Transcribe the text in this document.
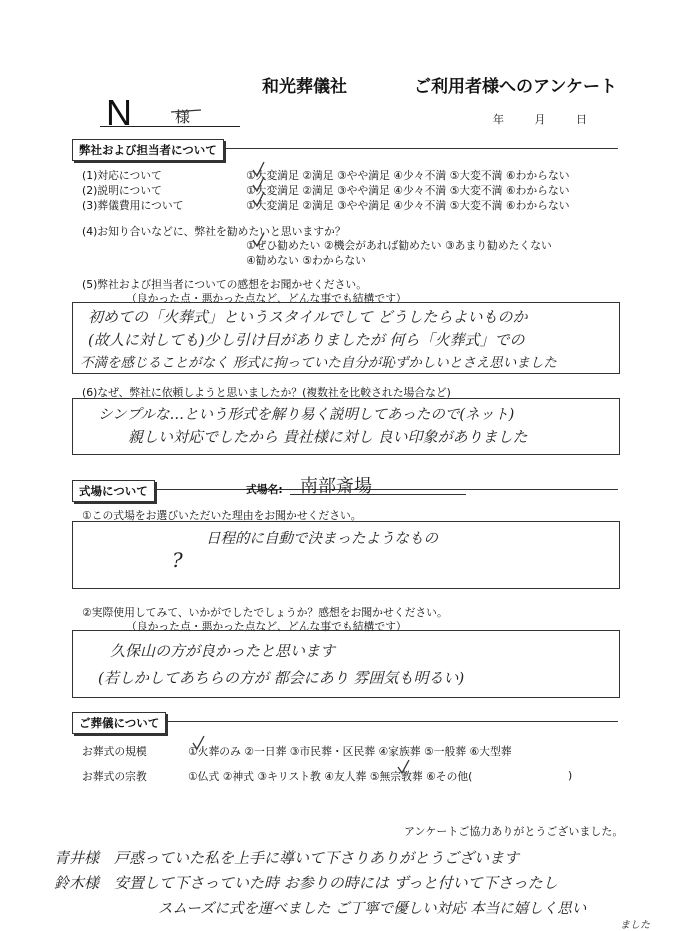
和光葬儀社	ご利用者様へのアンケート
N	様	年	月	日
弊社および担当者について
(1)対応について	①大変満足 ②満足 ③やや満足 ④少々不満 ⑤大変不満 ⑥わからない
(2)説明について	①大変満足 ②満足 ③やや満足 ④少々不満 ⑤大変不満 ⑥わからない
(3)葬儀費用について	①大変満足 ②満足 ③やや満足 ④少々不満 ⑤大変不満 ⑥わからない
(4)お知り合いなどに、弊社を勧めたいと思いますか？
①ぜひ勧めたい ②機会があれば勧めたい ③あまり勧めたくない
④勧めない ⑤わからない
(5)弊社および担当者についての感想をお聞かせください。
（良かった点・悪かった点など、どんな事でも結構です）
初めての「火葬式」というスタイルでして どうしたらよいものか
(故人に対しても)少し引け目がありましたが 何ら「火葬式」での
不満を感じることがなく 形式に拘っていた自分が恥ずかしいとさえ思いました
(6)なぜ、弊社に依頼しようと思いましたか？(複数社を比較された場合など)
シンプルな…という形式を解り易く説明してあったので(ネット)
親しい対応でしたから 貴社様に対し 良い印象がありました
式場について	式場名: 南部斎場
①この式場をお選びいただいた理由をお聞かせください。
?
日程的に自動で決まったようなもの
②実際使用してみて、いかがでしたでしょうか？感想をお聞かせください。
（良かった点・悪かった点など、どんな事でも結構です）
久保山の方が良かったと思います
(若しかしてあちらの方が 都会にあり 雰囲気も明るい)
ご葬儀について
お葬式の規模	①火葬のみ ②一日葬 ③市民葬・区民葬 ④家族葬 ⑤一般葬 ⑥大型葬
お葬式の宗教	①仏式 ②神式 ③キリスト教 ④友人葬 ⑤無宗教葬 ⑥その他(	)
アンケートご協力ありがとうございました。
青井様　戸惑っていた私を上手に導いて下さりありがとうございます
鈴木様　安置して下さっていた時 お参りの時には ずっと付いて下さったし
スムーズに式を運べました ご丁寧で優しい対応 本当に嬉しく思い
ました
